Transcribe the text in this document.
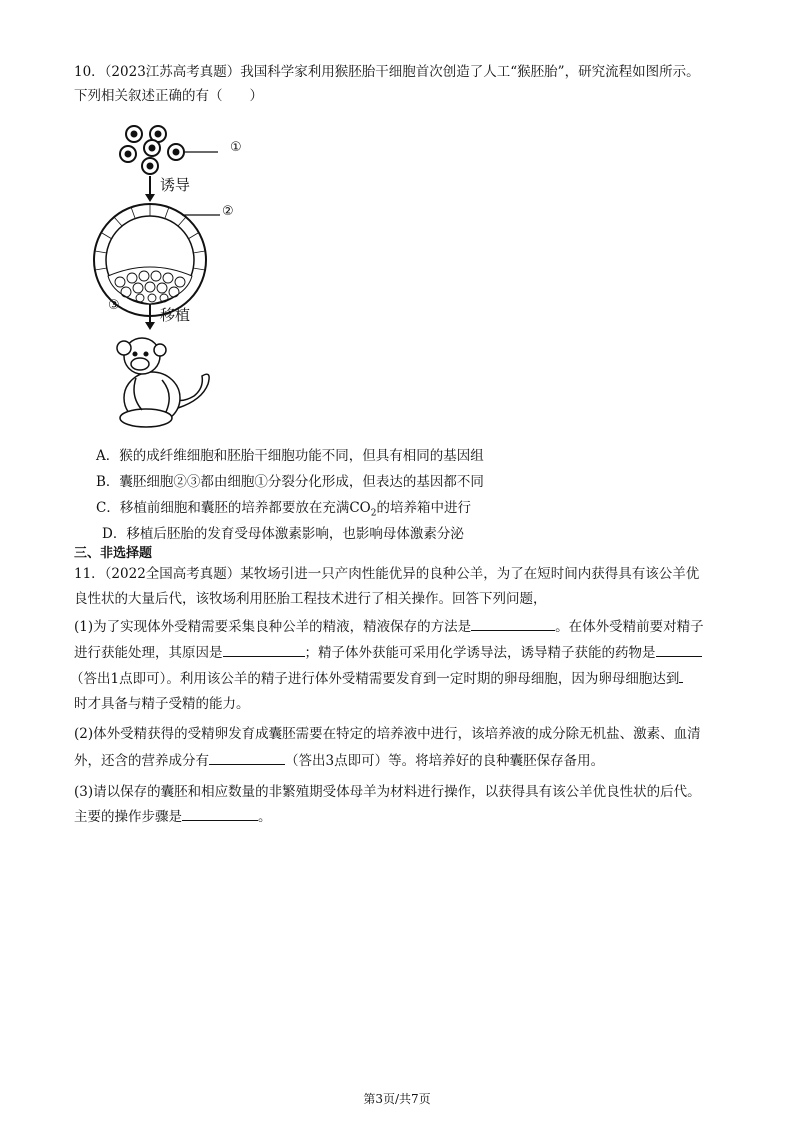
10．（2023江苏高考真题）我国科学家利用猴胚胎干细胞首次创造了人工“猴胚胎”，研究流程如图所示。
下列相关叙述正确的有（　　）
①
②
③
诱导
移植
A．猴的成纤维细胞和胚胎干细胞功能不同，但具有相同的基因组
B．囊胚细胞②③都由细胞①分裂分化形成，但表达的基因都不同
C．移植前细胞和囊胚的培养都要放在充满$CO_2$的培养箱中进行
D．移植后胚胎的发育受母体激素影响，也影响母体激素分泌
三、非选择题
11．（2022全国高考真题）某牧场引进一只产肉性能优异的良种公羊，为了在短时间内获得具有该公羊优
良性状的大量后代，该牧场利用胚胎工程技术进行了相关操作。回答下列问题，
(1)为了实现体外受精需要采集良种公羊的精液，精液保存的方法是	。在体外受精前要对精子
进行获能处理，其原因是	；精子体外获能可采用化学诱导法，诱导精子获能的药物是
（答出1点即可）。利用该公羊的精子进行体外受精需要发育到一定时期的卵母细胞，因为卵母细胞达到
时才具备与精子受精的能力。
(2)体外受精获得的受精卵发育成囊胚需要在特定的培养液中进行，该培养液的成分除无机盐、激素、血清
外，还含的营养成分有	（答出3点即可）等。将培养好的良种囊胚保存备用。
(3)请以保存的囊胚和相应数量的非繁殖期受体母羊为材料进行操作，以获得具有该公羊优良性状的后代。
主要的操作步骤是	。
第3页/共7页
